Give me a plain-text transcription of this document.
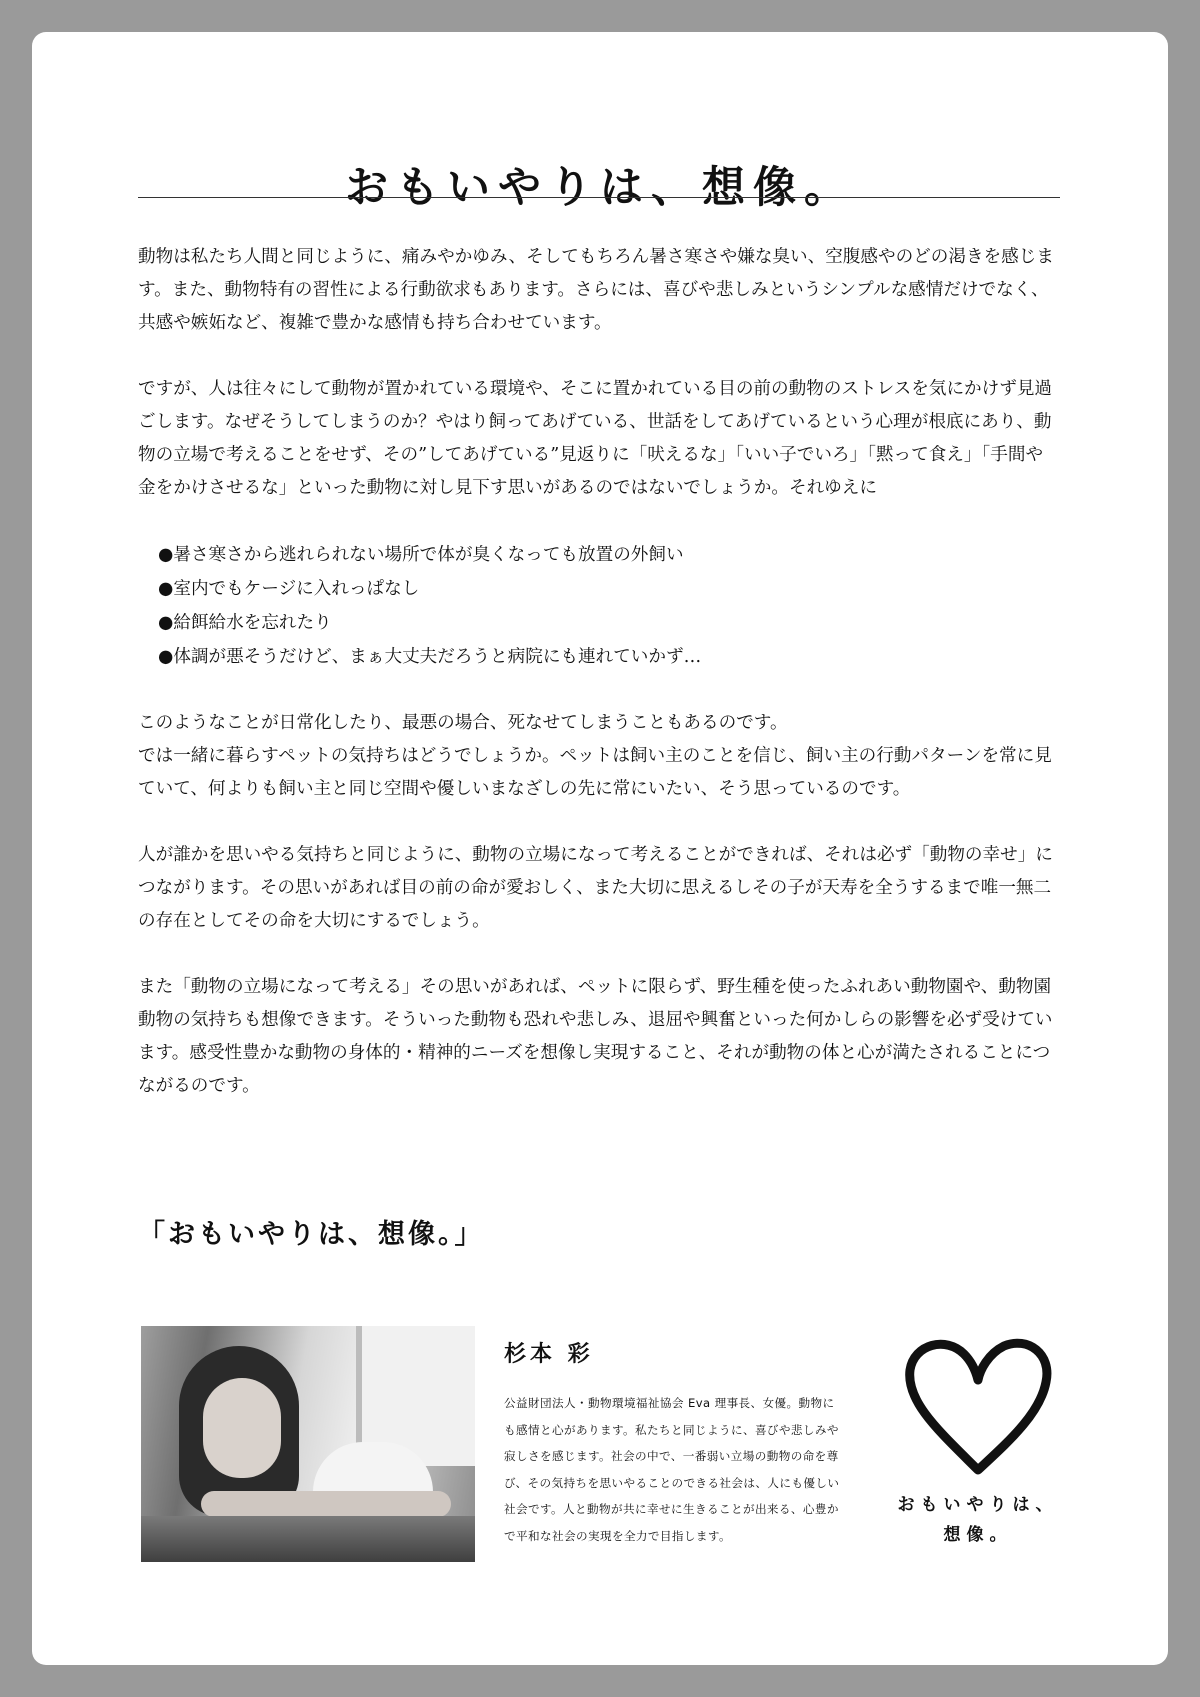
おもいやりは、想像。

動物は私たち人間と同じように、痛みやかゆみ、そしてもちろん暑さ寒さや嫌な臭い、空腹感やのどの渇きを感じます。また、動物特有の習性による行動欲求もあります。さらには、喜びや悲しみというシンプルな感情だけでなく、共感や嫉妬など、複雑で豊かな感情も持ち合わせています。

ですが、人は往々にして動物が置かれている環境や、そこに置かれている目の前の動物のストレスを気にかけず見過ごします。なぜそうしてしまうのか？やはり飼ってあげている、世話をしてあげているという心理が根底にあり、動物の立場で考えることをせず、その”してあげている”見返りに「吠えるな」「いい子でいろ」「黙って食え」「手間や金をかけさせるな」といった動物に対し見下す思いがあるのではないでしょうか。それゆえに

●暑さ寒さから逃れられない場所で体が臭くなっても放置の外飼い
●室内でもケージに入れっぱなし
●給餌給水を忘れたり
●体調が悪そうだけど、まぁ大丈夫だろうと病院にも連れていかず…

このようなことが日常化したり、最悪の場合、死なせてしまうこともあるのです。

では一緒に暮らすペットの気持ちはどうでしょうか。ペットは飼い主のことを信じ、飼い主の行動パターンを常に見ていて、何よりも飼い主と同じ空間や優しいまなざしの先に常にいたい、そう思っているのです。

人が誰かを思いやる気持ちと同じように、動物の立場になって考えることができれば、それは必ず「動物の幸せ」につながります。その思いがあれば目の前の命が愛おしく、また大切に思えるしその子が天寿を全うするまで唯一無二の存在としてその命を大切にするでしょう。

また「動物の立場になって考える」その思いがあれば、ペットに限らず、野生種を使ったふれあい動物園や、動物園動物の気持ちも想像できます。そういった動物も恐れや悲しみ、退屈や興奮といった何かしらの影響を必ず受けています。感受性豊かな動物の身体的・精神的ニーズを想像し実現すること、それが動物の体と心が満たされることにつながるのです。

「おもいやりは、想像。」
杉本 彩
公益財団法人・動物環境福祉協会 Eva 理事長、女優。動物にも感情と心があります。私たちと同じように、喜びや悲しみや寂しさを感じます。社会の中で、一番弱い立場の動物の命を尊び、その気持ちを思いやることのできる社会は、人にも優しい社会です。人と動物が共に幸せに生きることが出来る、心豊かで平和な社会の実現を全力で目指します。
おもいやりは、
想像。
